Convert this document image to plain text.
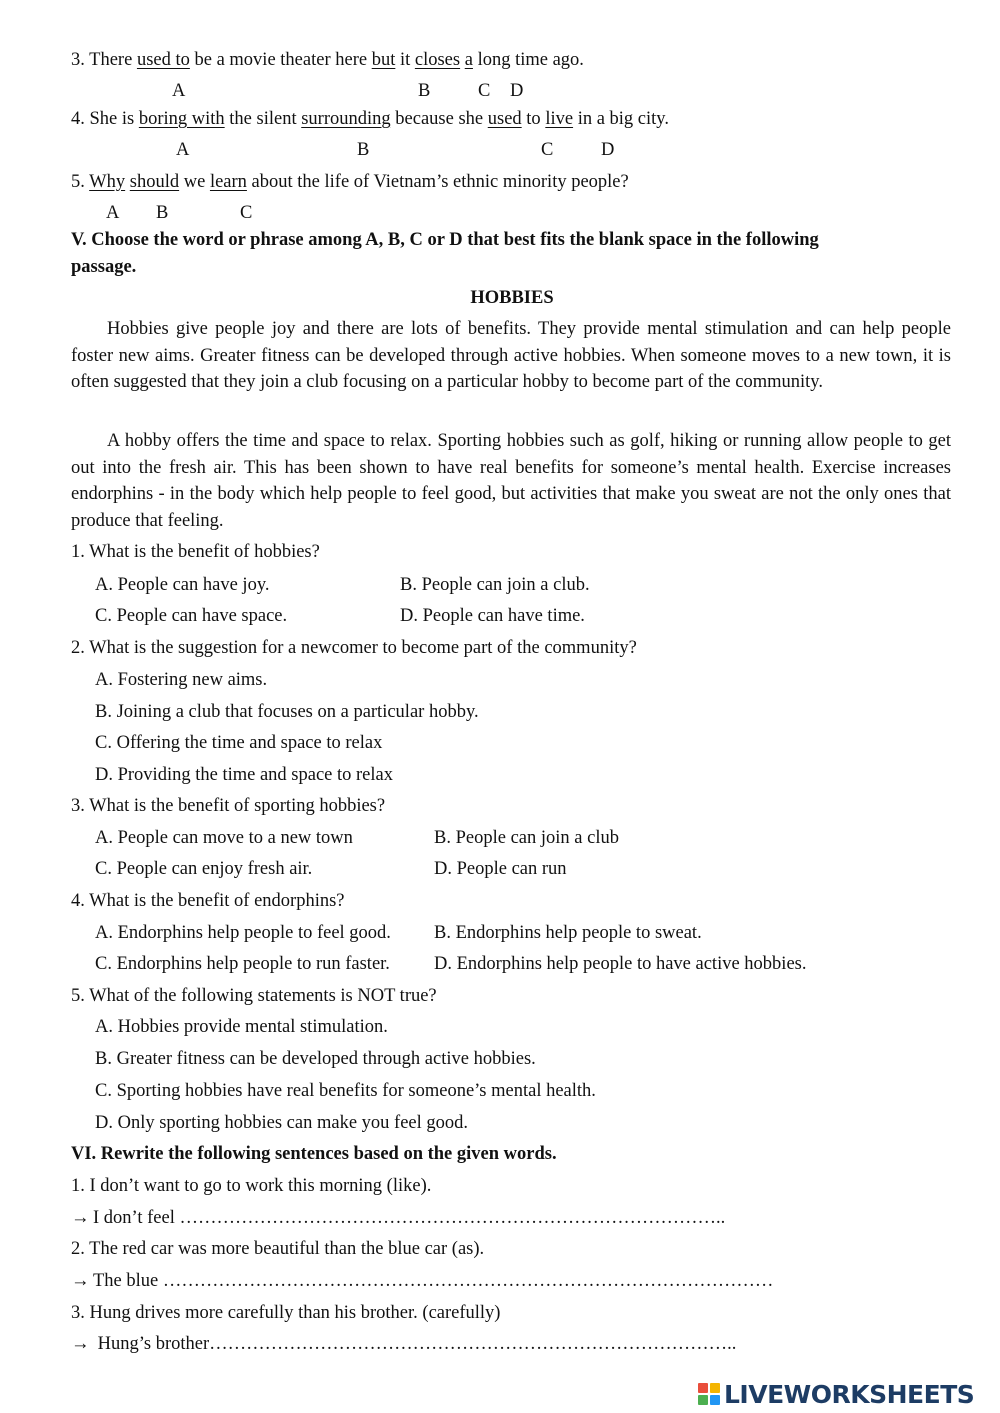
3. There used to be a movie theater here but it closes a long time ago.
A	B	C D
4. She is boring with the silent surrounding because she used to live in a big city.
A	B	C	D
5. Why should we learn about the life of Vietnam’s ethnic minority people?
A B	C
V. Choose the word or phrase among A, B, C or D that best fits the blank space in the following
passage.
HOBBIES

Hobbies give people joy and there are lots of benefits. They provide mental stimulation and can help people foster new aims. Greater fitness can be developed through active hobbies. When someone moves to a new town, it is often suggested that they join a club focusing on a particular hobby to become part of the community.

A hobby offers the time and space to relax. Sporting hobbies such as golf, hiking or running allow people to get out into the fresh air. This has been shown to have real benefits for someone’s mental health. Exercise increases endorphins - in the body which help people to feel good, but activities that make you sweat are not the only ones that produce that feeling.

1. What is the benefit of hobbies?
A. People can have joy.	B. People can join a club.
C. People can have space.	D. People can have time.
2. What is the suggestion for a newcomer to become part of the community?
A. Fostering new aims.
B. Joining a club that focuses on a particular hobby.
C. Offering the time and space to relax
D. Providing the time and space to relax
3. What is the benefit of sporting hobbies?
A. People can move to a new town	B. People can join a club
C. People can enjoy fresh air.	D. People can run
4. What is the benefit of endorphins?
A. Endorphins help people to feel good. B. Endorphins help people to sweat.
C. Endorphins help people to run faster. D. Endorphins help people to have active hobbies.
5. What of the following statements is NOT true?
A. Hobbies provide mental stimulation.
B. Greater fitness can be developed through active hobbies.
C. Sporting hobbies have real benefits for someone’s mental health.
D. Only sporting hobbies can make you feel good.
VI. Rewrite the following sentences based on the given words.
1. I don’t want to go to work this morning (like).
→ I don’t feel ……………………………………………………………………………..
2. The red car was more beautiful than the blue car (as).
→ The blue ………………………………………………………………………………………
3. Hung drives more carefully than his brother. (carefully)
→ Hung’s brother…………………………………………………………………………..
LIVEWORKSHEETS
